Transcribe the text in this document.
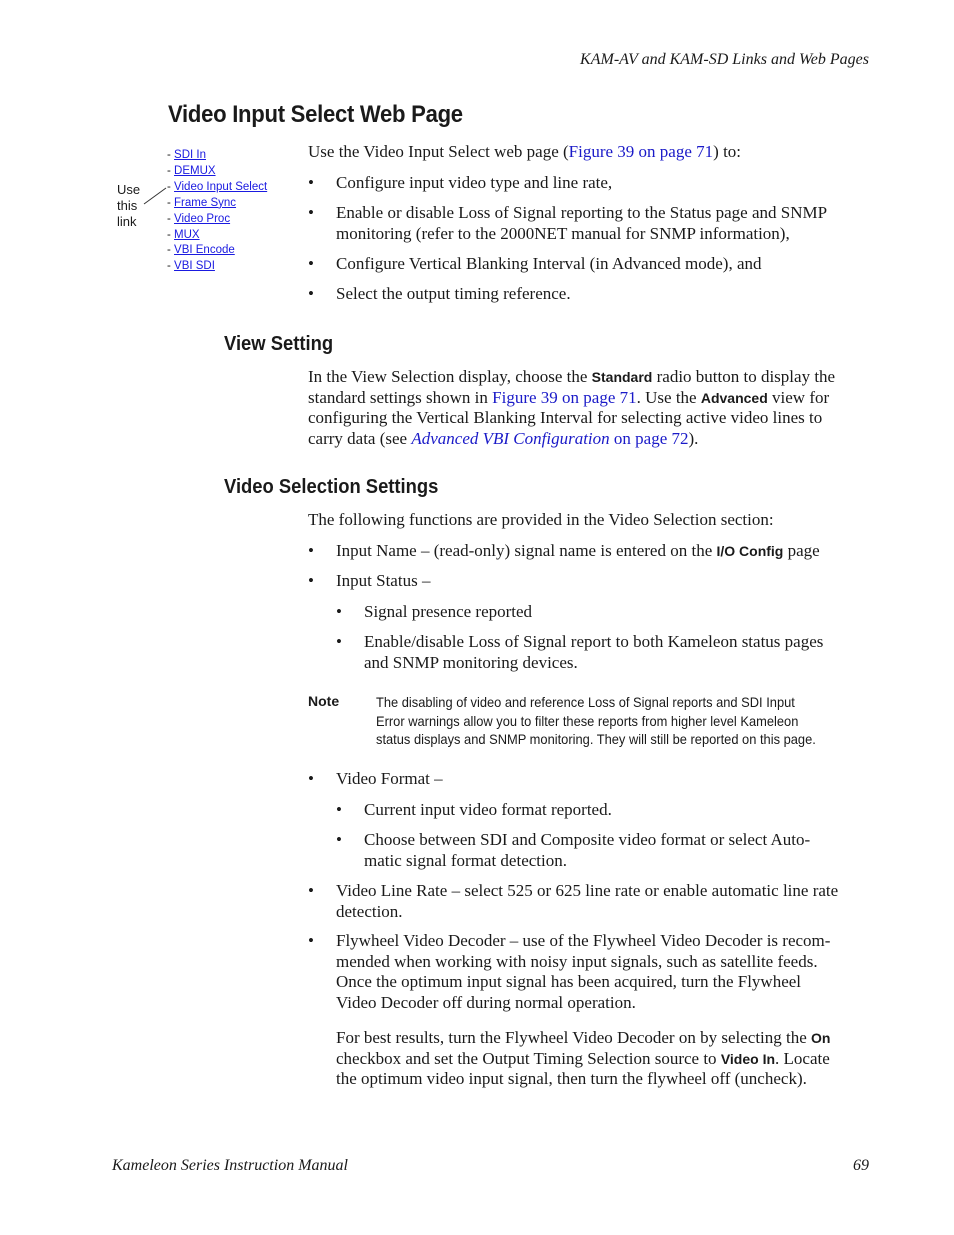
KAM-AV and KAM-SD Links and Web Pages
Video Input Select Web Page
- SDI In
- DEMUX
- Video Input Select
- Frame Sync
- Video Proc
- MUX
- VBI Encode
- VBI SDI
Use
this
link
Use the Video Input Select web page (Figure 39 on page 71) to:
• Configure input video type and line rate,
• Enable or disable Loss of Signal reporting to the Status page and SNMP
monitoring (refer to the 2000NET manual for SNMP information),
• Configure Vertical Blanking Interval (in Advanced mode), and
• Select the output timing reference.
View Setting
In the View Selection display, choose the Standard radio button to display the
standard settings shown in Figure 39 on page 71. Use the Advanced view for
configuring the Vertical Blanking Interval for selecting active video lines to
carry data (see Advanced VBI Configuration on page 72).
Video Selection Settings
The following functions are provided in the Video Selection section:
• Input Name – (read-only) signal name is entered on the I/O Config page
• Input Status –
• Signal presence reported
• Enable/disable Loss of Signal report to both Kameleon status pages
and SNMP monitoring devices.
Note	The disabling of video and reference Loss of Signal reports and SDI Input
Error warnings allow you to filter these reports from higher level Kameleon
status displays and SNMP monitoring. They will still be reported on this page.
• Video Format –
• Current input video format reported.
• Choose between SDI and Composite video format or select Auto-
matic signal format detection.
• Video Line Rate – select 525 or 625 line rate or enable automatic line rate
detection.
• Flywheel Video Decoder – use of the Flywheel Video Decoder is recom-
mended when working with noisy input signals, such as satellite feeds.
Once the optimum input signal has been acquired, turn the Flywheel
Video Decoder off during normal operation.
For best results, turn the Flywheel Video Decoder on by selecting the On
checkbox and set the Output Timing Selection source to Video In. Locate
the optimum video input signal, then turn the flywheel off (uncheck).
Kameleon Series Instruction Manual	69
